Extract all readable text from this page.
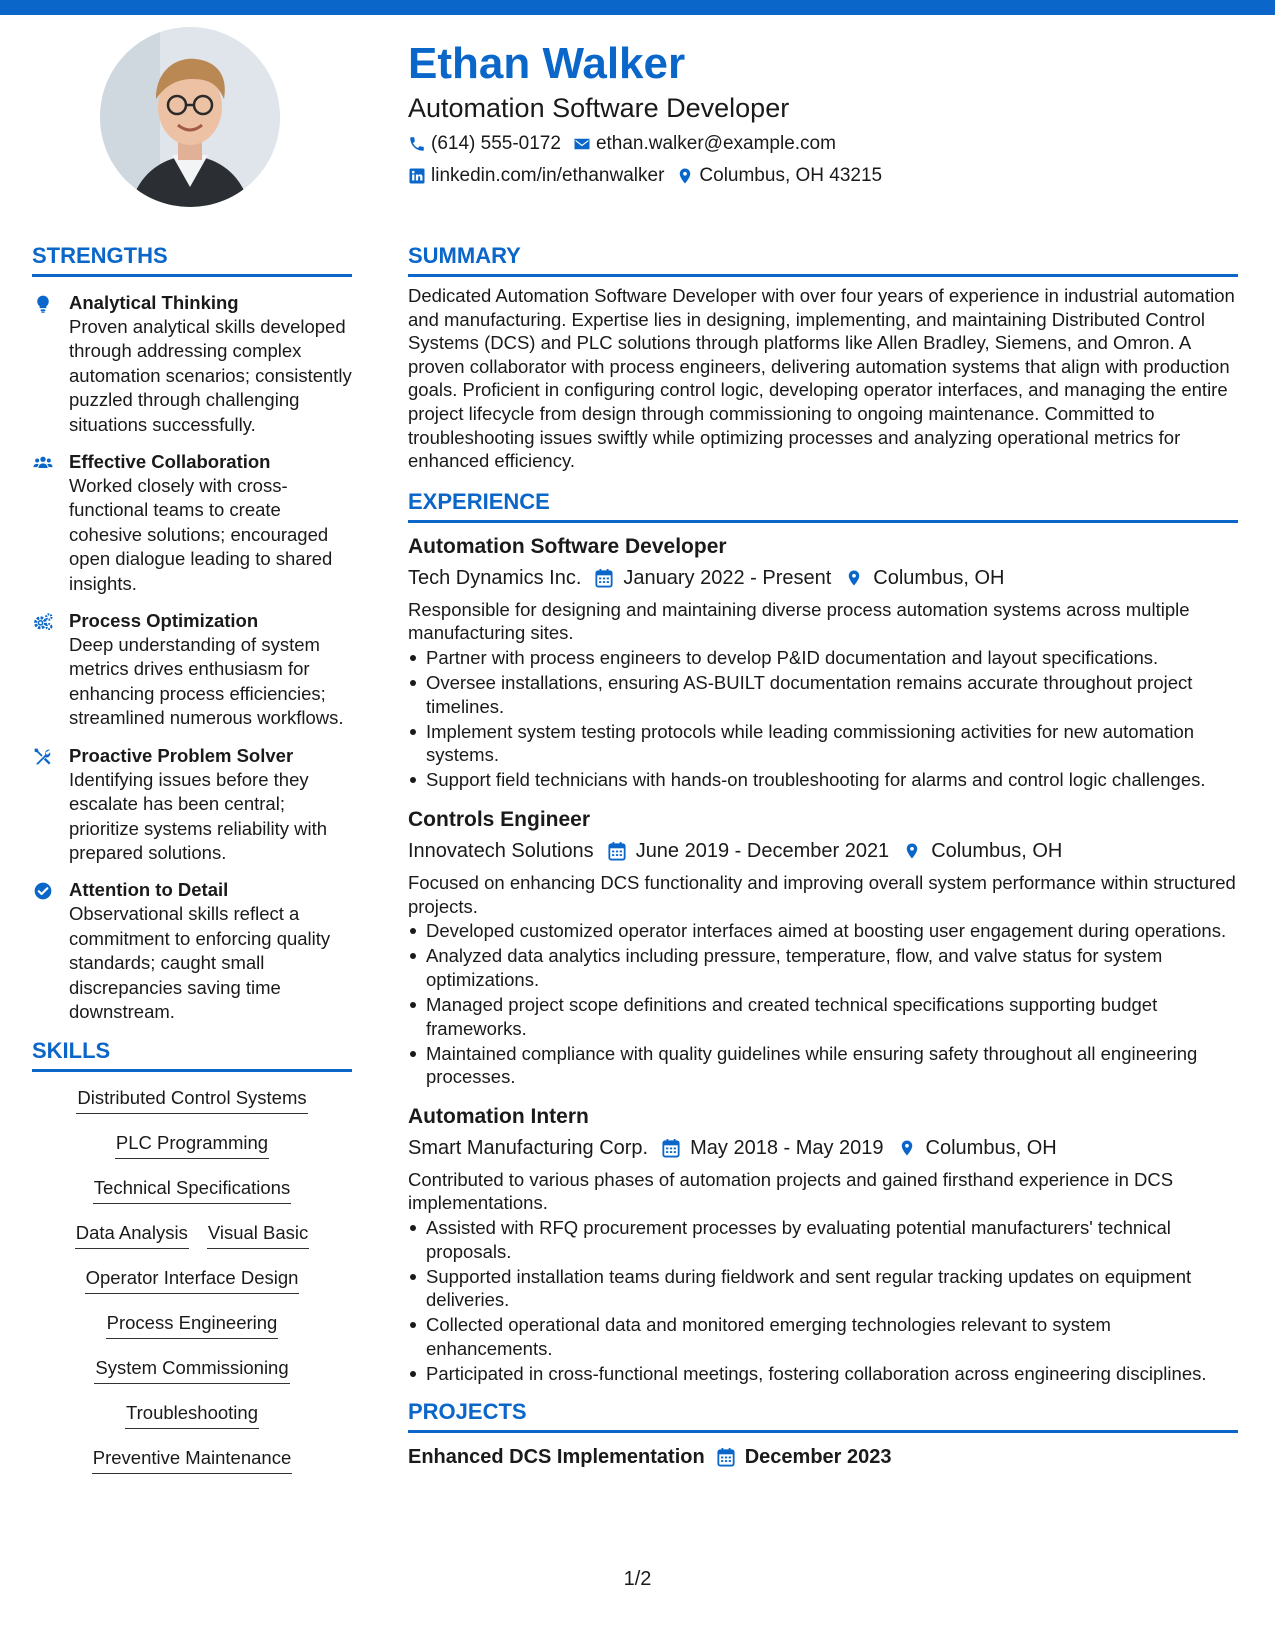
Ethan Walker
Automation Software Developer
(614) 555-0172 ethan.walker@example.com
linkedin.com/in/ethanwalker Columbus, OH 43215
STRENGTHS
Analytical Thinking
Proven analytical skills developed through addressing complex automation scenarios; consistently puzzled through challenging situations successfully.
Effective Collaboration
Worked closely with cross-functional teams to create cohesive solutions; encouraged open dialogue leading to shared insights.
Process Optimization
Deep understanding of system metrics drives enthusiasm for enhancing process efficiencies; streamlined numerous workflows.
Proactive Problem Solver
Identifying issues before they escalate has been central; prioritize systems reliability with prepared solutions.
Attention to Detail
Observational skills reflect a commitment to enforcing quality standards; caught small discrepancies saving time downstream.
SKILLS
Distributed Control Systems
PLC Programming
Technical Specifications
Data Analysis Visual Basic
Operator Interface Design
Process Engineering
System Commissioning
Troubleshooting
Preventive Maintenance
SUMMARY
Dedicated Automation Software Developer with over four years of experience in industrial automation and manufacturing. Expertise lies in designing, implementing, and maintaining Distributed Control Systems (DCS) and PLC solutions through platforms like Allen Bradley, Siemens, and Omron. A proven collaborator with process engineers, delivering automation systems that align with production goals. Proficient in configuring control logic, developing operator interfaces, and managing the entire project lifecycle from design through commissioning to ongoing maintenance. Committed to troubleshooting issues swiftly while optimizing processes and analyzing operational metrics for enhanced efficiency.
EXPERIENCE
Automation Software Developer
Tech Dynamics Inc. January 2022 - Present Columbus, OH
Responsible for designing and maintaining diverse process automation systems across multiple manufacturing sites.
Partner with process engineers to develop P&ID documentation and layout specifications.
Oversee installations, ensuring AS-BUILT documentation remains accurate throughout project timelines.
Implement system testing protocols while leading commissioning activities for new automation systems.
Support field technicians with hands-on troubleshooting for alarms and control logic challenges.
Controls Engineer
Innovatech Solutions June 2019 - December 2021 Columbus, OH
Focused on enhancing DCS functionality and improving overall system performance within structured projects.
Developed customized operator interfaces aimed at boosting user engagement during operations.
Analyzed data analytics including pressure, temperature, flow, and valve status for system optimizations.
Managed project scope definitions and created technical specifications supporting budget frameworks.
Maintained compliance with quality guidelines while ensuring safety throughout all engineering processes.
Automation Intern
Smart Manufacturing Corp. May 2018 - May 2019 Columbus, OH
Contributed to various phases of automation projects and gained firsthand experience in DCS implementations.
Assisted with RFQ procurement processes by evaluating potential manufacturers' technical proposals.
Supported installation teams during fieldwork and sent regular tracking updates on equipment deliveries.
Collected operational data and monitored emerging technologies relevant to system enhancements.
Participated in cross-functional meetings, fostering collaboration across engineering disciplines.
PROJECTS
Enhanced DCS Implementation December 2023
1/2
